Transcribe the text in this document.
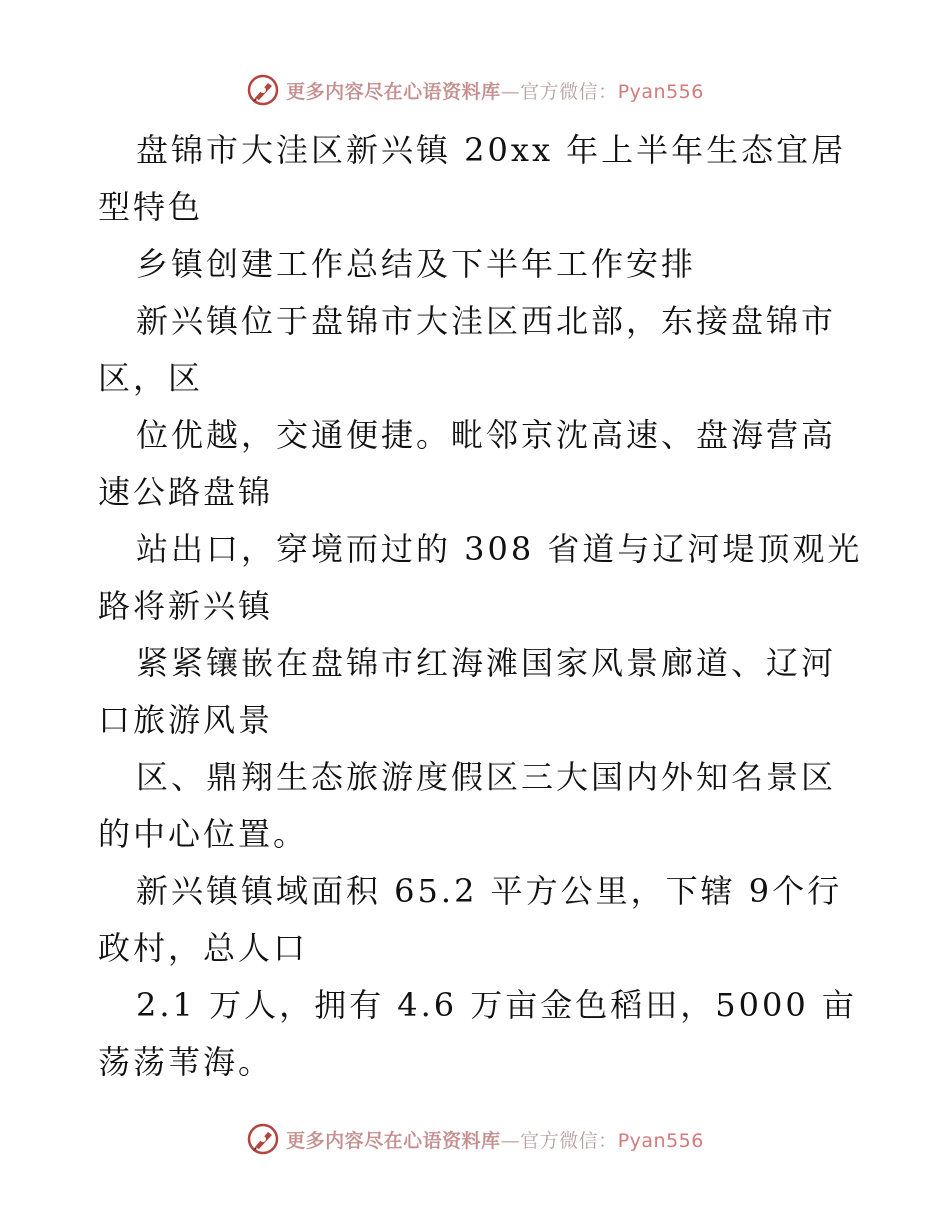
更多内容尽在心语资料库—官方微信：Pyan556

盘锦市大洼区新兴镇 20xx 年上半年生态宜居型特色

乡镇创建工作总结及下半年工作安排

新兴镇位于盘锦市大洼区西北部，东接盘锦市区，区

位优越，交通便捷。毗邻京沈高速、盘海营高速公路盘锦

站出口，穿境而过的 308 省道与辽河堤顶观光路将新兴镇

紧紧镶嵌在盘锦市红海滩国家风景廊道、辽河口旅游风景

区、鼎翔生态旅游度假区三大国内外知名景区的中心位置。

新兴镇镇域面积 65.2 平方公里，下辖 9个行政村，总人口

2.1 万人，拥有 4.6 万亩金色稻田，5000 亩荡荡苇海。

更多内容尽在心语资料库—官方微信：Pyan556
